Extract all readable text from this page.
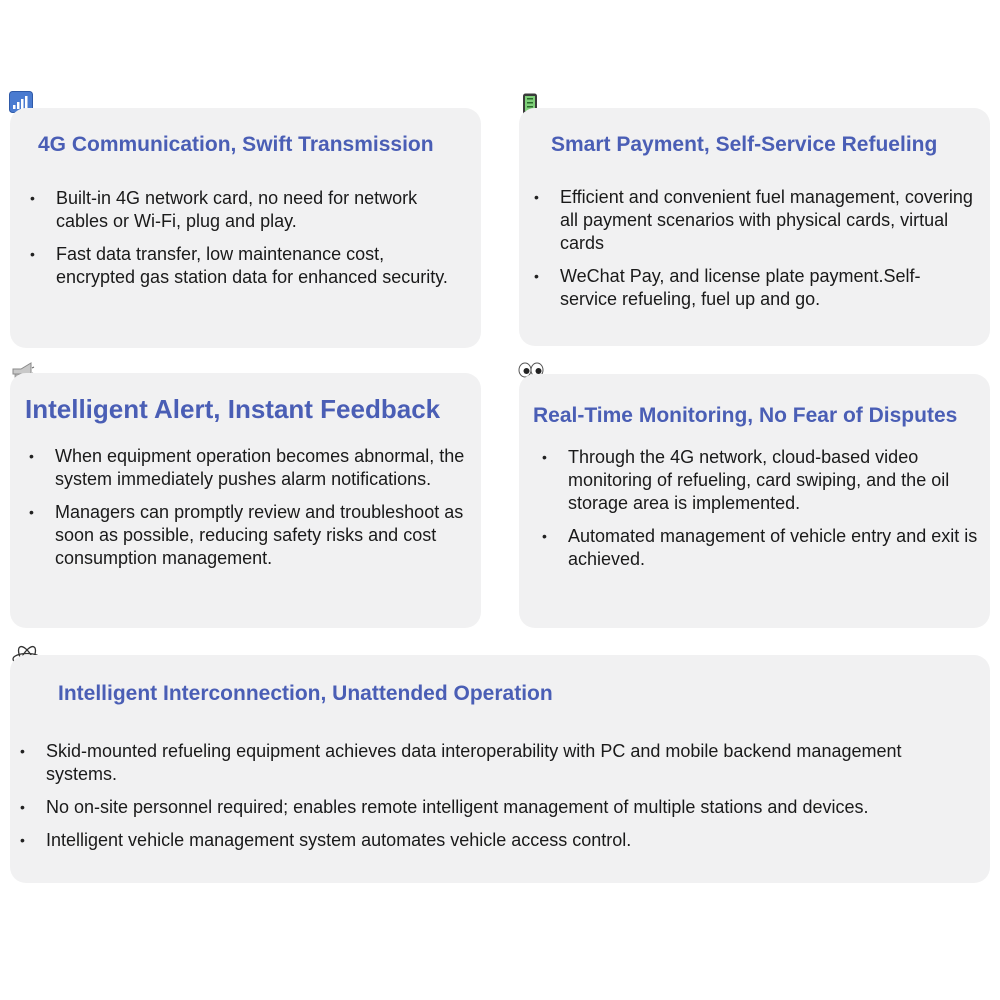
4G Communication, Swift Transmission
• Built-in 4G network card, no need for network cables or Wi-Fi, plug and play.
• Fast data transfer, low maintenance cost, encrypted gas station data for enhanced security.
Smart Payment, Self-Service Refueling
• Efficient and convenient fuel management, covering all payment scenarios with physical cards, virtual cards
• WeChat Pay, and license plate payment.Self-service refueling, fuel up and go.
Intelligent Alert, Instant Feedback
• When equipment operation becomes abnormal, the system immediately pushes alarm notifications.
• Managers can promptly review and troubleshoot as soon as possible, reducing safety risks and cost consumption management.
Real-Time Monitoring, No Fear of Disputes
• Through the 4G network, cloud-based video monitoring of refueling, card swiping, and the oil storage area is implemented.
• Automated management of vehicle entry and exit is achieved.
Intelligent Interconnection, Unattended Operation
• Skid-mounted refueling equipment achieves data interoperability with PC and mobile backend management systems.
• No on-site personnel required; enables remote intelligent management of multiple stations and devices.
• Intelligent vehicle management system automates vehicle access control.
